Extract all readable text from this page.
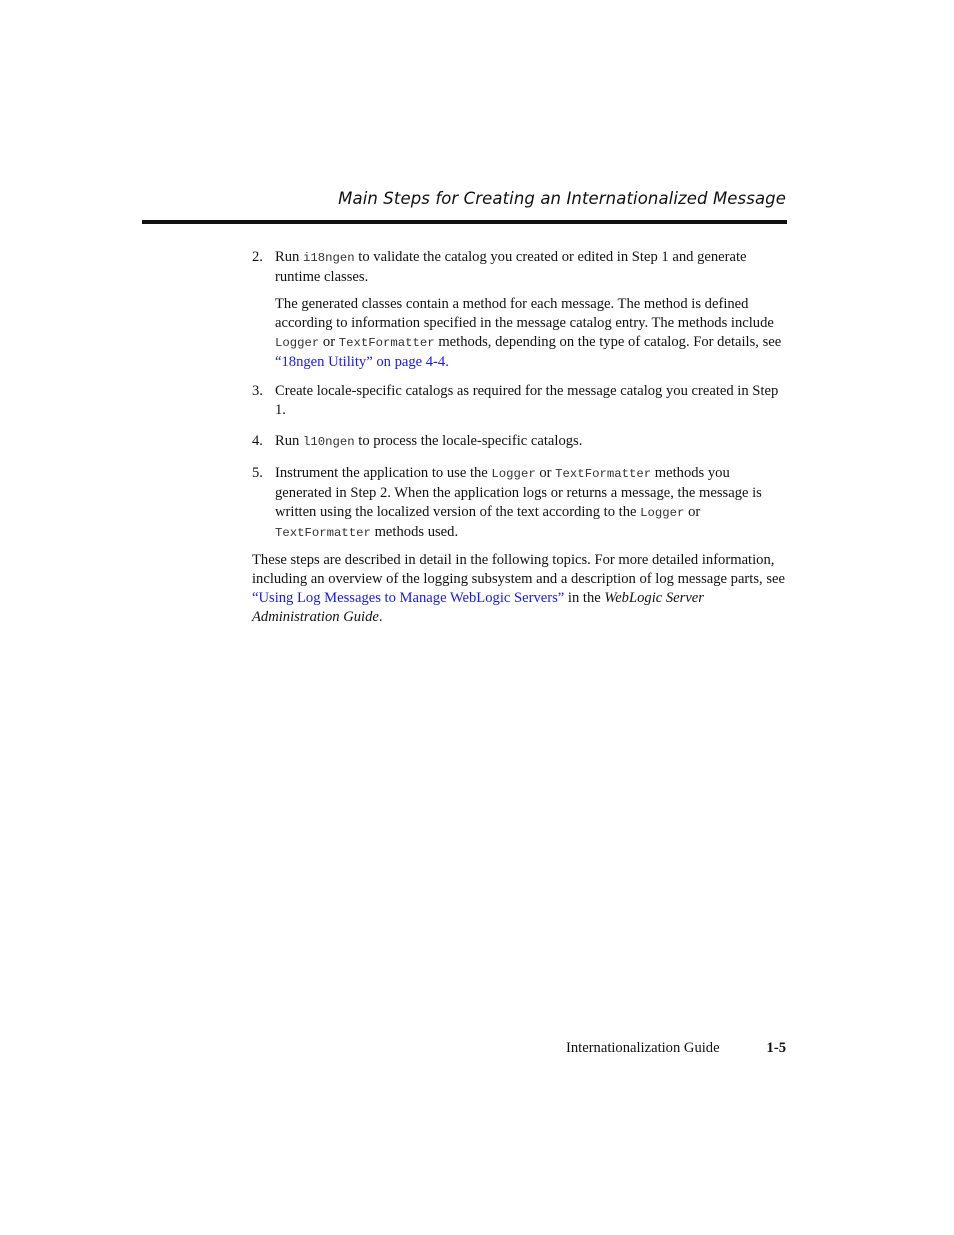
Main Steps for Creating an Internationalized Message
2. Run i18ngen to validate the catalog you created or edited in Step 1 and generate runtime classes.
The generated classes contain a method for each message. The method is defined according to information specified in the message catalog entry. The methods include Logger or TextFormatter methods, depending on the type of catalog. For details, see “18ngen Utility” on page 4-4.
3. Create locale-specific catalogs as required for the message catalog you created in Step 1.
4. Run l10ngen to process the locale-specific catalogs.
5. Instrument the application to use the Logger or TextFormatter methods you generated in Step 2. When the application logs or returns a message, the message is written using the localized version of the text according to the Logger or TextFormatter methods used.
These steps are described in detail in the following topics. For more detailed information, including an overview of the logging subsystem and a description of log message parts, see “Using Log Messages to Manage WebLogic Servers” in the WebLogic Server Administration Guide.
Internationalization Guide	1-5
